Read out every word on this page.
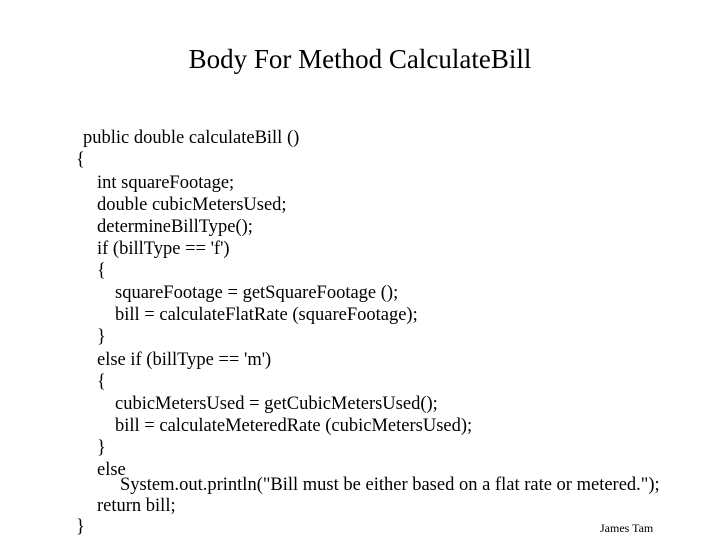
Body For Method CalculateBill
public double calculateBill ()
{
int squareFootage;
double cubicMetersUsed;
determineBillType();
if (billType == 'f')
{
squareFootage = getSquareFootage ();
bill = calculateFlatRate (squareFootage);
}
else if (billType == 'm')
{
cubicMetersUsed = getCubicMetersUsed();
bill = calculateMeteredRate (cubicMetersUsed);
}
else
System.out.println("Bill must be either based on a flat rate or metered.");
return bill;
}	James Tam
